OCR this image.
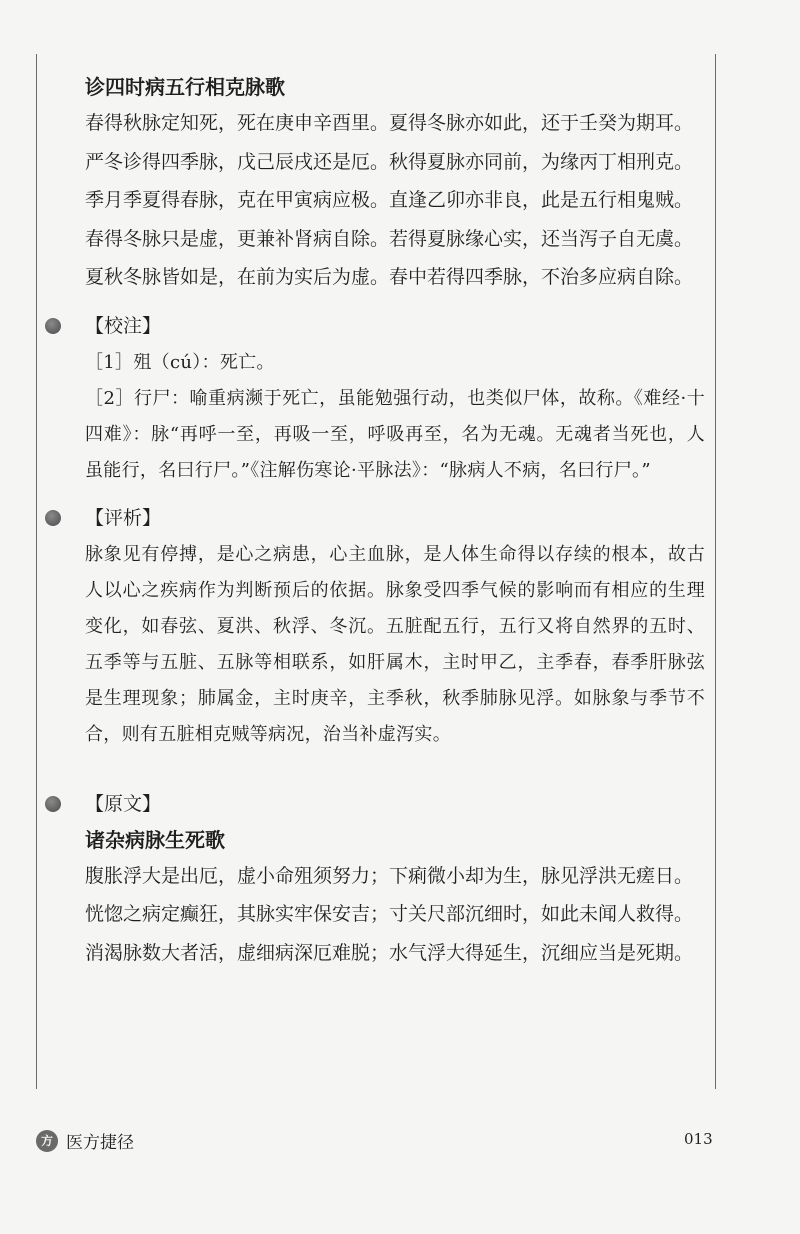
诊四时病五行相克脉歌
春得秋脉定知死，死在庚申辛酉里。夏得冬脉亦如此，还于壬癸为期耳。
严冬诊得四季脉，戊己辰戌还是厄。秋得夏脉亦同前，为缘丙丁相刑克。
季月季夏得春脉，克在甲寅病应极。直逢乙卯亦非良，此是五行相鬼贼。
春得冬脉只是虚，更兼补肾病自除。若得夏脉缘心实，还当泻子自无虞。
夏秋冬脉皆如是，在前为实后为虚。春中若得四季脉，不治多应病自除。
【校注】
［1］殂（cú）：死亡。
［2］行尸：喻重病濒于死亡，虽能勉强行动，也类似尸体，故称。《难经·十四难》：脉“再呼一至，再吸一至，呼吸再至，名为无魂。无魂者当死也，人虽能行，名曰行尸。”《注解伤寒论·平脉法》：“脉病人不病，名曰行尸。”
【评析】
脉象见有停搏，是心之病患，心主血脉，是人体生命得以存续的根本，故古人以心之疾病作为判断预后的依据。脉象受四季气候的影响而有相应的生理变化，如春弦、夏洪、秋浮、冬沉。五脏配五行，五行又将自然界的五时、五季等与五脏、五脉等相联系，如肝属木，主时甲乙，主季春，春季肝脉弦是生理现象；肺属金，主时庚辛，主季秋，秋季肺脉见浮。如脉象与季节不合，则有五脏相克贼等病况，治当补虚泻实。
【原文】
诸杂病脉生死歌
腹胀浮大是出厄，虚小命殂须努力；下痢微小却为生，脉见浮洪无瘥日。
恍惚之病定癫狂，其脉实牢保安吉；寸关尺部沉细时，如此未闻人救得。
消渴脉数大者活，虚细病深厄难脱；水气浮大得延生，沉细应当是死期。
方 医方捷径	013
